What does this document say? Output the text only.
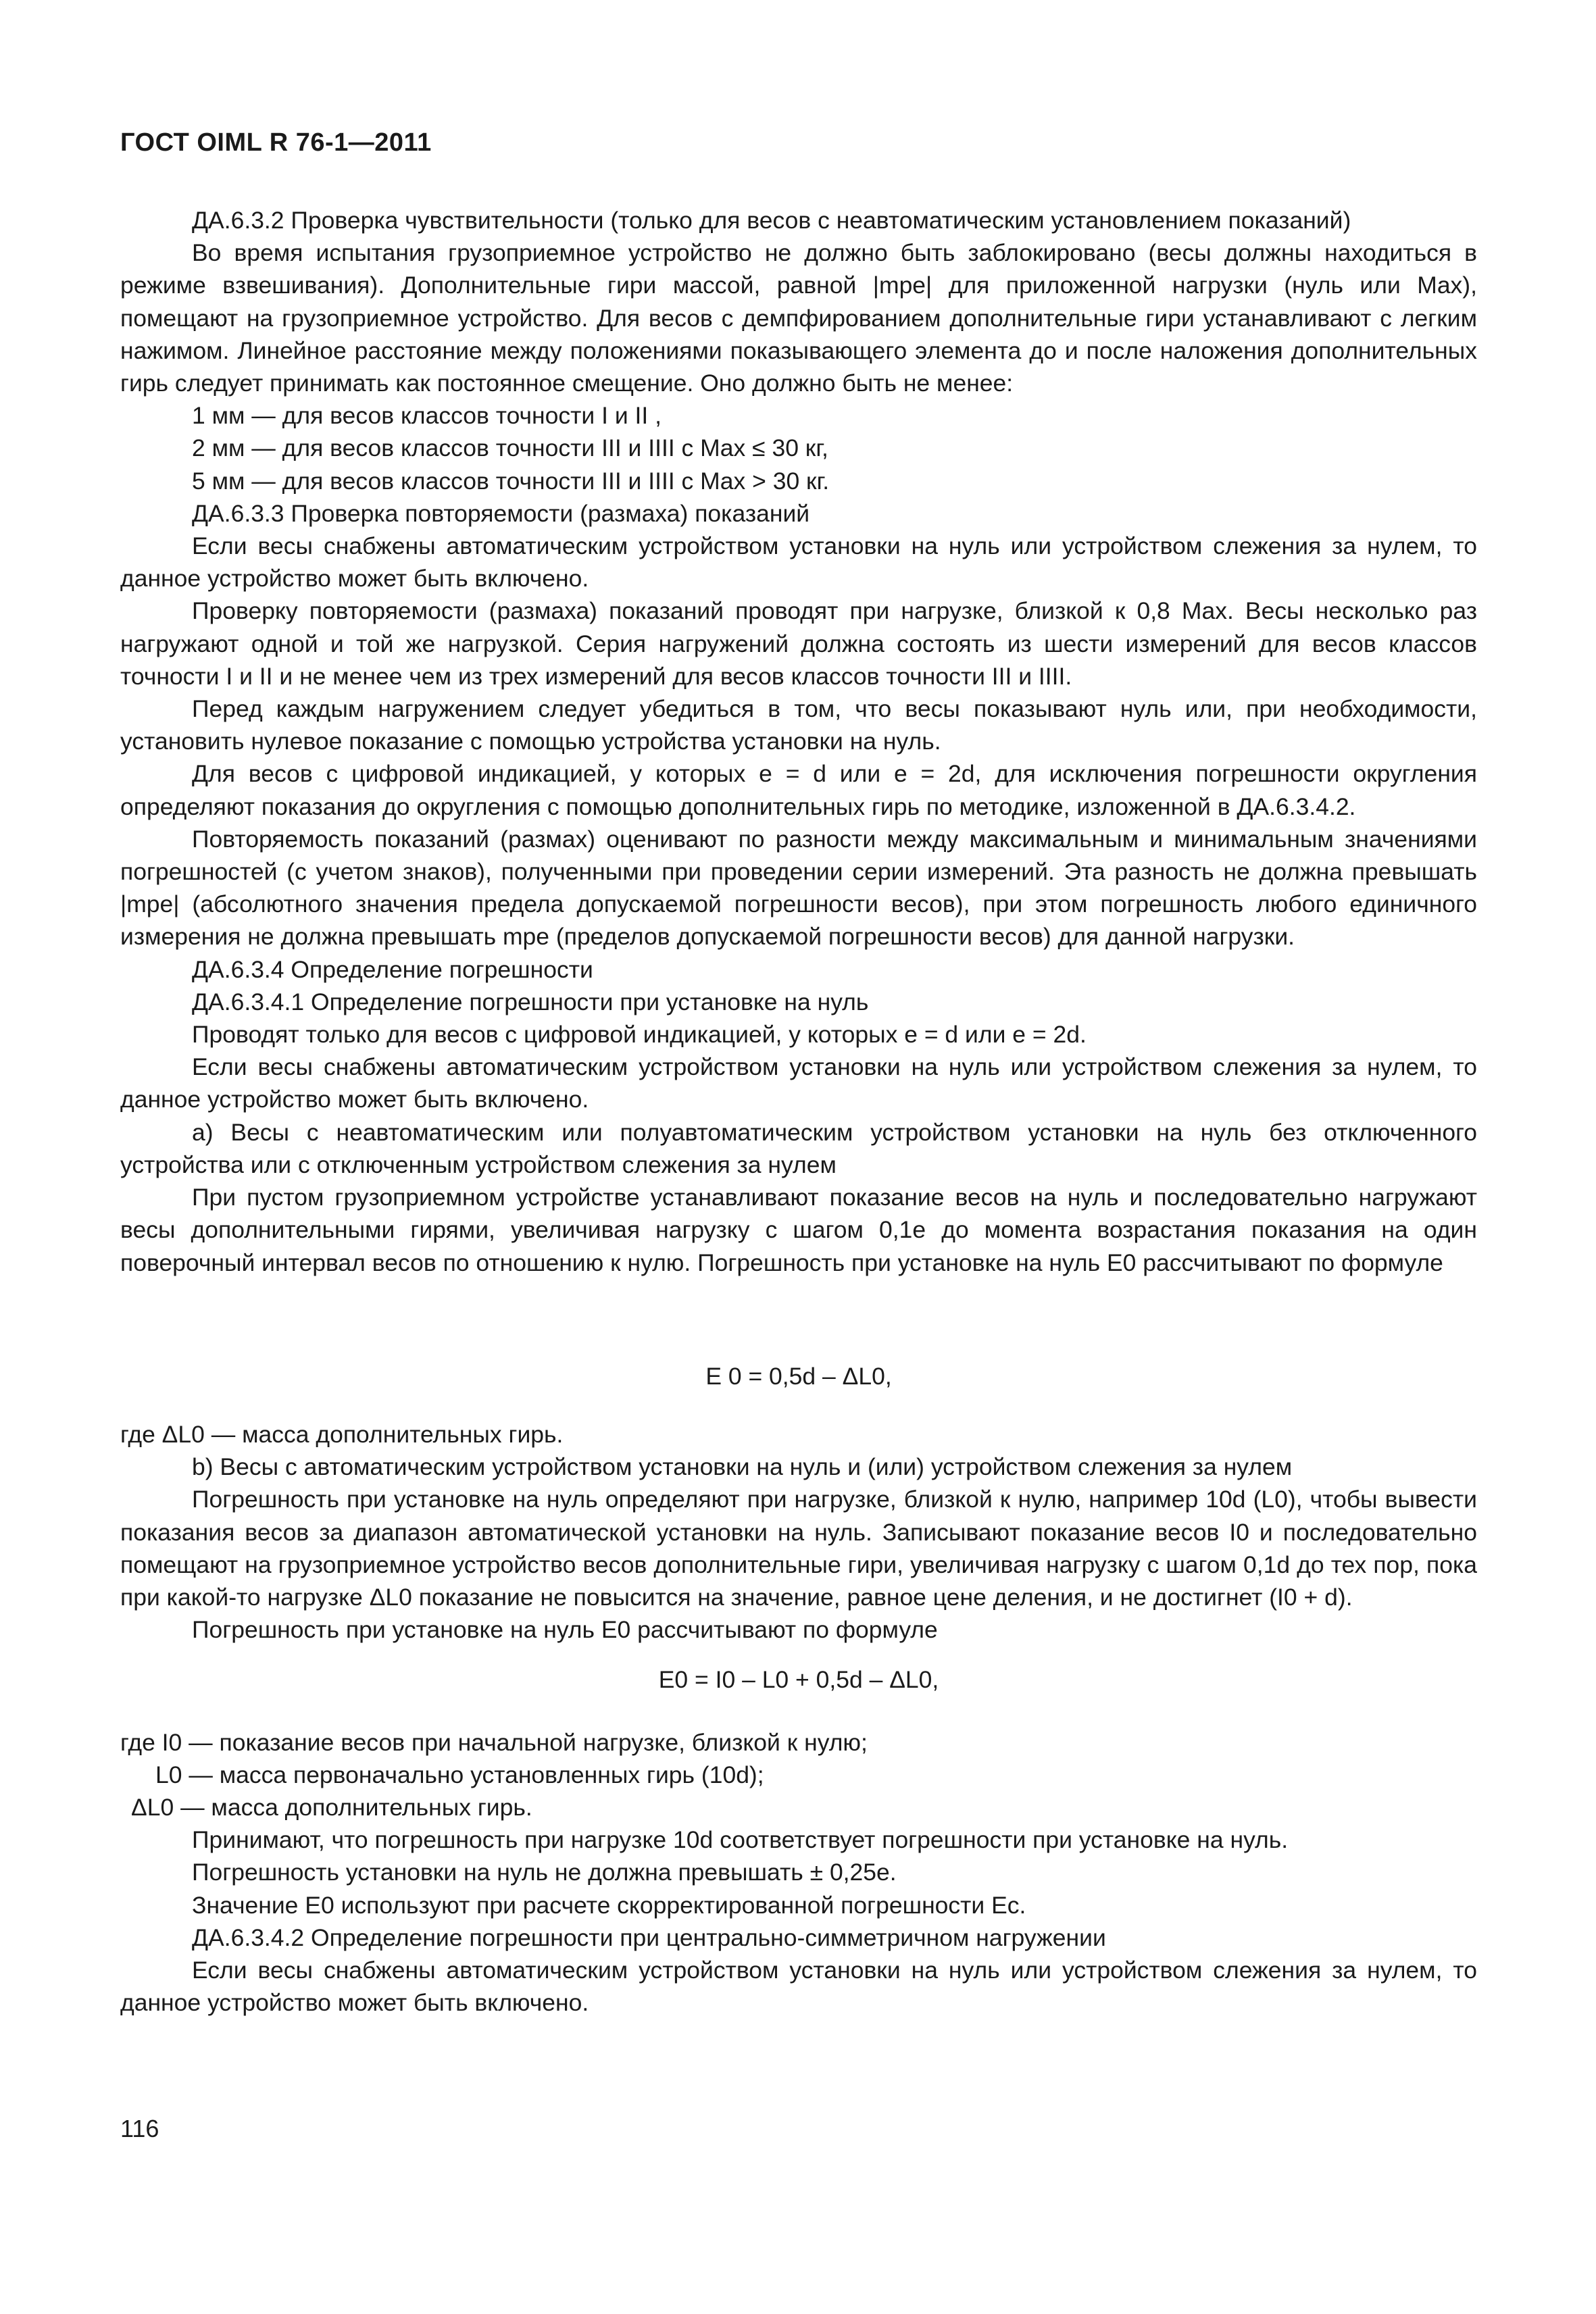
ГОСТ OIML R 76-1—2011

ДА.6.3.2 Проверка чувствительности (только для весов с неавтоматическим установлением показаний)

Во время испытания грузоприемное устройство не должно быть заблокировано (весы должны находиться в режиме взвешивания). Дополнительные гири массой, равной |mpe| для приложенной нагрузки (нуль или Max), помещают на грузоприемное устройство. Для весов с демпфированием дополнительные гири устанавливают с легким нажимом. Линейное расстояние между положениями показывающего элемента до и после наложения дополнительных гирь следует принимать как постоянное смещение. Оно должно быть не менее:

1 мм — для весов классов точности I и II ,

2 мм — для весов классов точности III и IIII с Max ≤ 30 кг,

5 мм — для весов классов точности III и IIII с Max > 30 кг.

ДА.6.3.3 Проверка повторяемости (размаха) показаний

Если весы снабжены автоматическим устройством установки на нуль или устройством слежения за нулем, то данное устройство может быть включено.

Проверку повторяемости (размаха) показаний проводят при нагрузке, близкой к 0,8 Max. Весы несколько раз нагружают одной и той же нагрузкой. Серия нагружений должна состоять из шести измерений для весов классов точности I и II и не менее чем из трех измерений для весов классов точности III и IIII.

Перед каждым нагружением следует убедиться в том, что весы показывают нуль или, при необходимости, установить нулевое показание с помощью устройства установки на нуль.

Для весов с цифровой индикацией, у которых e = d или e = 2d, для исключения погрешности округления определяют показания до округления с помощью дополнительных гирь по методике, изложенной в ДА.6.3.4.2.

Повторяемость показаний (размах) оценивают по разности между максимальным и минимальным значениями погрешностей (с учетом знаков), полученными при проведении серии измерений. Эта разность не должна превышать |mpe| (абсолютного значения предела допускаемой погрешности весов), при этом погрешность любого единичного измерения не должна превышать mpe (пределов допускаемой погрешности весов) для данной нагрузки.

ДА.6.3.4 Определение погрешности

ДА.6.3.4.1 Определение погрешности при установке на нуль

Проводят только для весов с цифровой индикацией, у которых e = d или e = 2d.

Если весы снабжены автоматическим устройством установки на нуль или устройством слежения за нулем, то данное устройство может быть включено.

а) Весы с неавтоматическим или полуавтоматическим устройством установки на нуль без отключенного устройства или с отключенным устройством слежения за нулем

При пустом грузоприемном устройстве устанавливают показание весов на нуль и последовательно нагружают весы дополнительными гирями, увеличивая нагрузку с шагом 0,1e до момента возрастания показания на один поверочный интервал весов по отношению к нулю. Погрешность при установке на нуль E0 рассчитывают по формуле

E 0 = 0,5d – ΔL0,

где ΔL0 — масса дополнительных гирь.

b) Весы с автоматическим устройством установки на нуль и (или) устройством слежения за нулем

Погрешность при установке на нуль определяют при нагрузке, близкой к нулю, например 10d (L0), чтобы вывести показания весов за диапазон автоматической установки на нуль. Записывают показание весов I0 и последовательно помещают на грузоприемное устройство весов дополнительные гири, увеличивая нагрузку с шагом 0,1d до тех пор, пока при какой-то нагрузке ΔL0 показание не повысится на значение, равное цене деления, и не достигнет (I0 + d).

Погрешность при установке на нуль E0 рассчитывают по формуле

E0 = I0 – L0 + 0,5d – ΔL0,

где I0 — показание весов при начальной нагрузке, близкой к нулю;

L0 — масса первоначально установленных гирь (10d);

ΔL0 — масса дополнительных гирь.

Принимают, что погрешность при нагрузке 10d соответствует погрешности при установке на нуль.

Погрешность установки на нуль не должна превышать ± 0,25e.

Значение E0 используют при расчете скорректированной погрешности Ec.

ДА.6.3.4.2 Определение погрешности при центрально-симметричном нагружении

Если весы снабжены автоматическим устройством установки на нуль или устройством слежения за нулем, то данное устройство может быть включено.

116
